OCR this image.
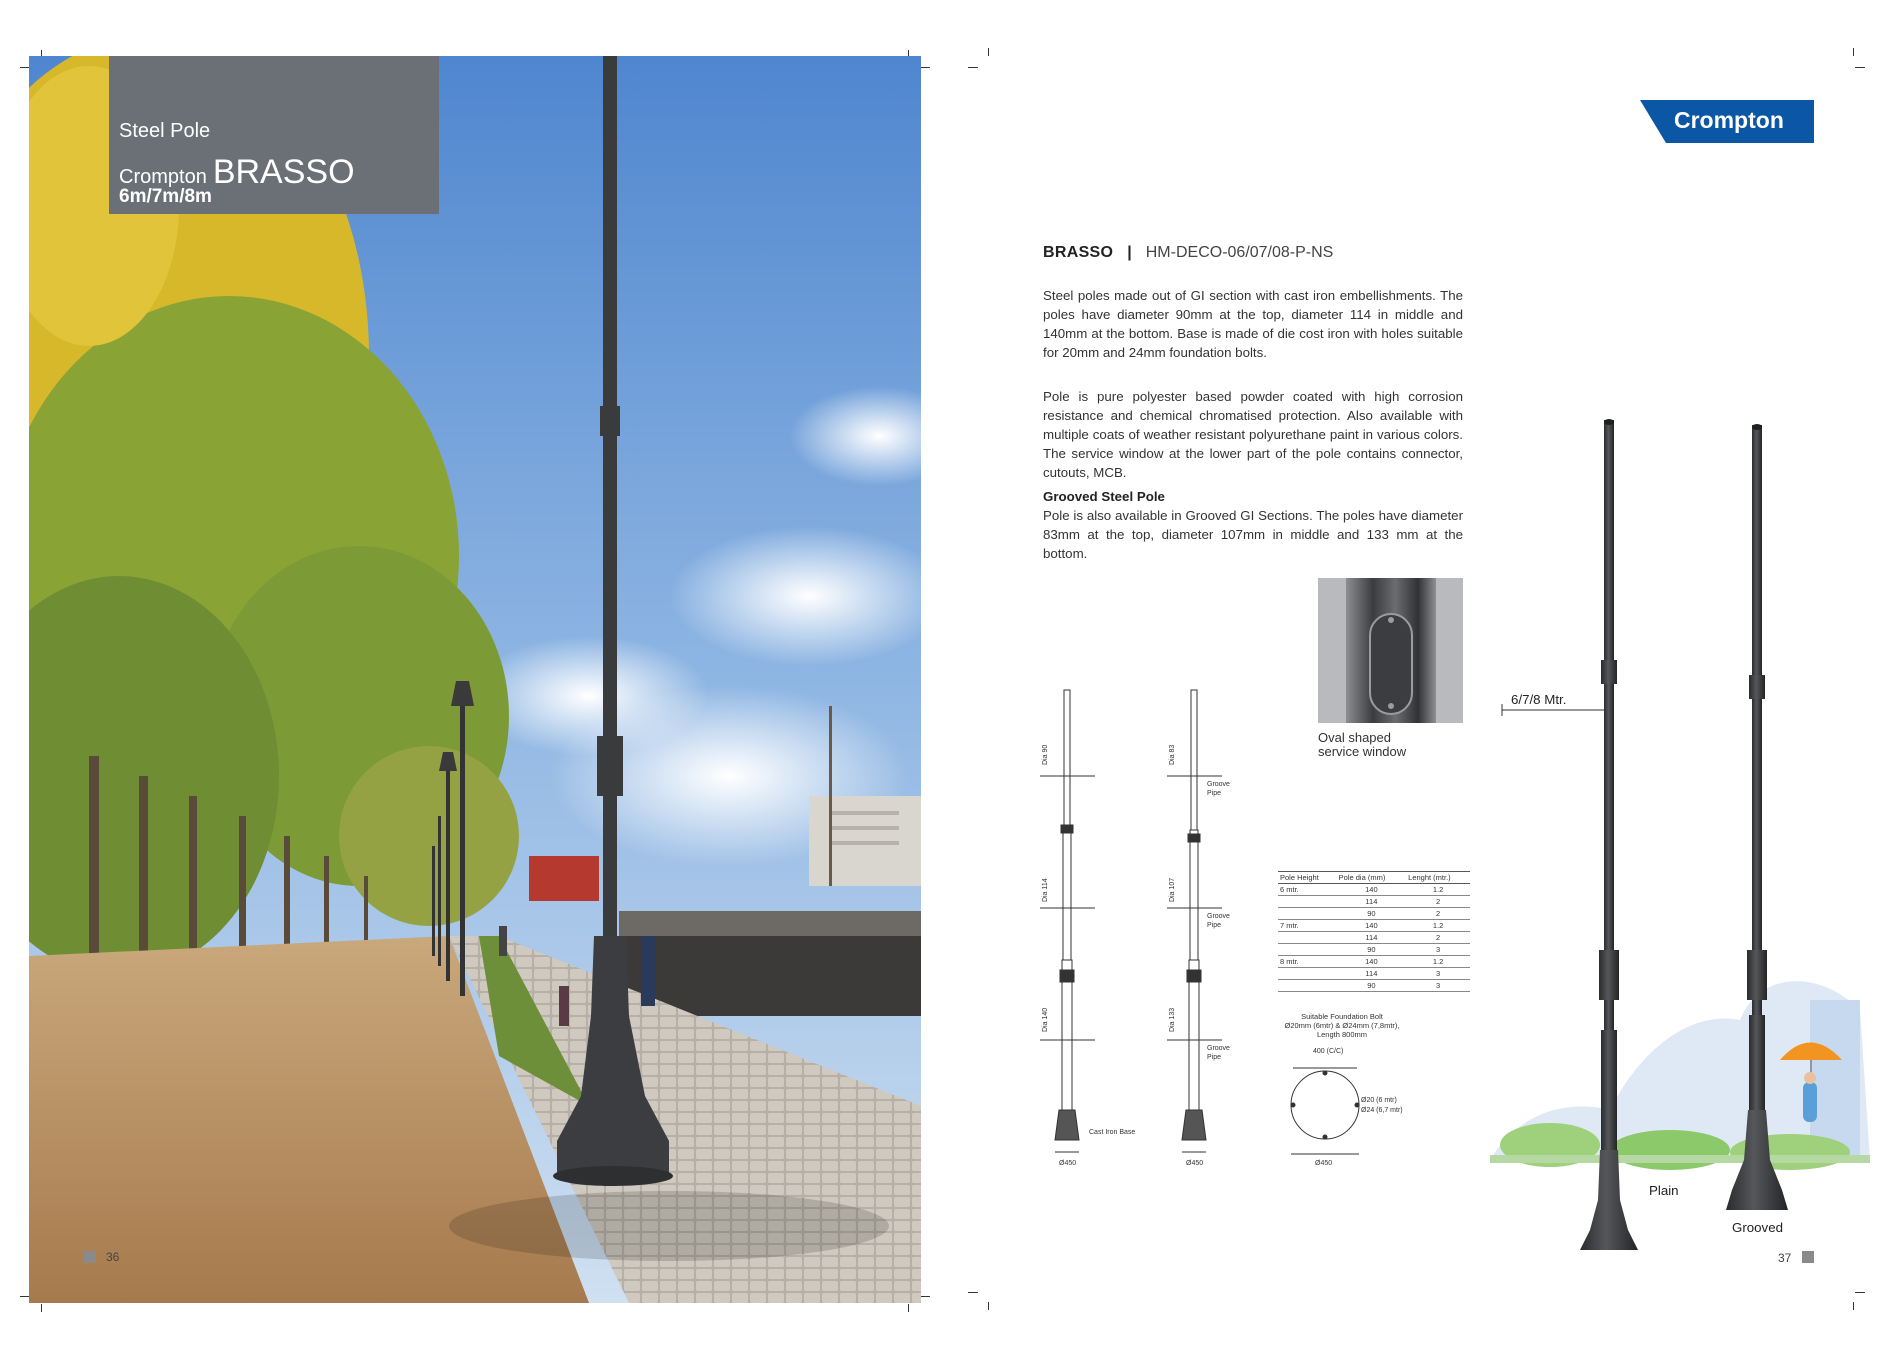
Steel Pole
Crompton BRASSO
6m/7m/8m
36
Crompton
BRASSO | HM-DECO-06/07/08-P-NS
Steel poles made out of GI section with cast iron embellishments. The poles have diameter 90mm at the top, diameter 114 in middle and 140mm at the bottom. Base is made of die cost iron with holes suitable for 20mm and 24mm foundation bolts.
Pole is pure polyester based powder coated with high corrosion resistance and chemical chromatised protection. Also available with multiple coats of weather resistant polyurethane paint in various colors. The service window at the lower part of the pole contains connector, cutouts, MCB.
Grooved Steel Pole
Pole is also available in Grooved GI Sections. The poles have diameter 83mm at the top, diameter 107mm in middle and 133 mm at the bottom.
Oval shaped
service window
Dia 90
Dia 114
Dia 140
Dia 83
Dia 107
Dia 133
Groove
Pipe
Groove
Pipe
Groove
Pipe
Cast Iron Base
Ø450	Ø450	Ø450
400 (C/C)
Ø20 (6 mtr)
Ø24 (6,7 mtr)
Suitable Foundation Bolt
Ø20mm (6mtr) & Ø24mm (7,8mtr),
Length 800mm
Pole Height	Pole dia (mm)	Lenght (mtr.)
6 mtr.	140	1.2
	114	2
	90	2
7 mtr.	140	1.2
	114	2
	90	3
8 mtr.	140	1.2
	114	3
	90	3
6/7/8 Mtr.
Plain
Grooved
37
